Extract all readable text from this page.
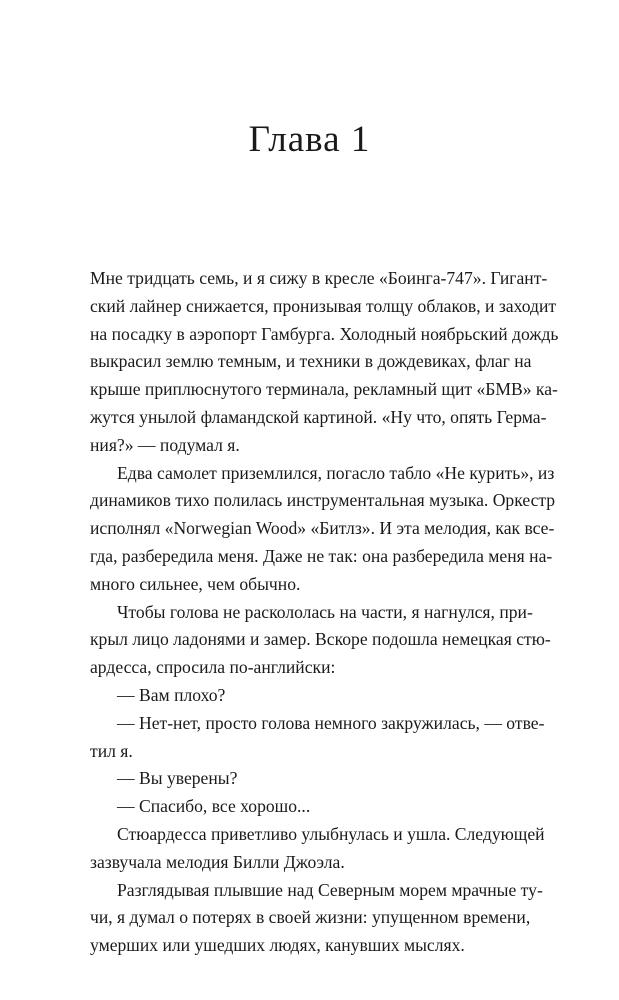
Глава 1
Мне тридцать семь, и я сижу в кресле «Боинга-747». Гигант-
ский лайнер снижается, пронизывая толщу облаков, и заходит
на посадку в аэропорт Гамбурга. Холодный ноябрьский дождь
выкрасил землю темным, и техники в дождевиках, флаг на
крыше приплюснутого терминала, рекламный щит «БМВ» ка-
жутся унылой фламандской картиной. «Ну что, опять Герма-
ния?» — подумал я.
Едва самолет приземлился, погасло табло «Не курить», из
динамиков тихо полилась инструментальная музыка. Оркестр
исполнял «Norwegian Wood» «Битлз». И эта мелодия, как все-
гда, разбередила меня. Даже не так: она разбередила меня на-
много сильнее, чем обычно.
Чтобы голова не раскололась на части, я нагнулся, при-
крыл лицо ладонями и замер. Вскоре подошла немецкая стю-
ардесса, спросила по-английски:
— Вам плохо?
— Нет-нет, просто голова немного закружилась, — отве-
тил я.
— Вы уверены?
— Спасибо, все хорошо...
Стюардесса приветливо улыбнулась и ушла. Следующей
зазвучала мелодия Билли Джоэла.
Разглядывая плывшие над Северным морем мрачные ту-
чи, я думал о потерях в своей жизни: упущенном времени,
умерших или ушедших людях, канувших мыслях.
